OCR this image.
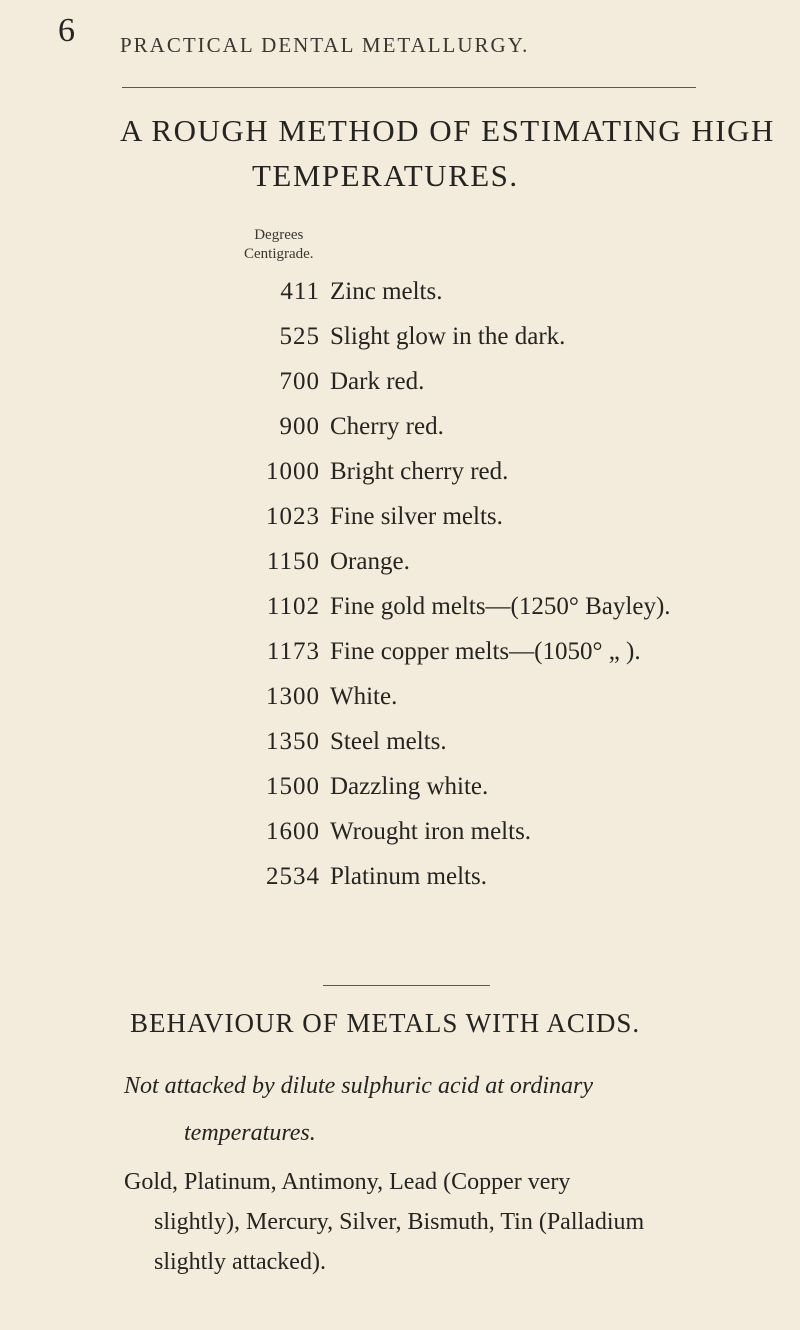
6 PRACTICAL DENTAL METALLURGY.
A ROUGH METHOD OF ESTIMATING HIGH
TEMPERATURES.
Degrees
Centigrade.
411 Zinc melts.
525 Slight glow in the dark.
700 Dark red.
900 Cherry red.
1000 Bright cherry red.
1023 Fine silver melts.
1150 Orange.
1102 Fine gold melts—(1250° Bayley).
1173 Fine copper melts—(1050° „ ).
1300 White.
1350 Steel melts.
1500 Dazzling white.
1600 Wrought iron melts.
2534 Platinum melts.
BEHAVIOUR OF METALS WITH ACIDS.
Not attacked by dilute sulphuric acid at ordinary
temperatures.
Gold, Platinum, Antimony, Lead (Copper very
slightly), Mercury, Silver, Bismuth, Tin (Palladium
slightly attacked).
